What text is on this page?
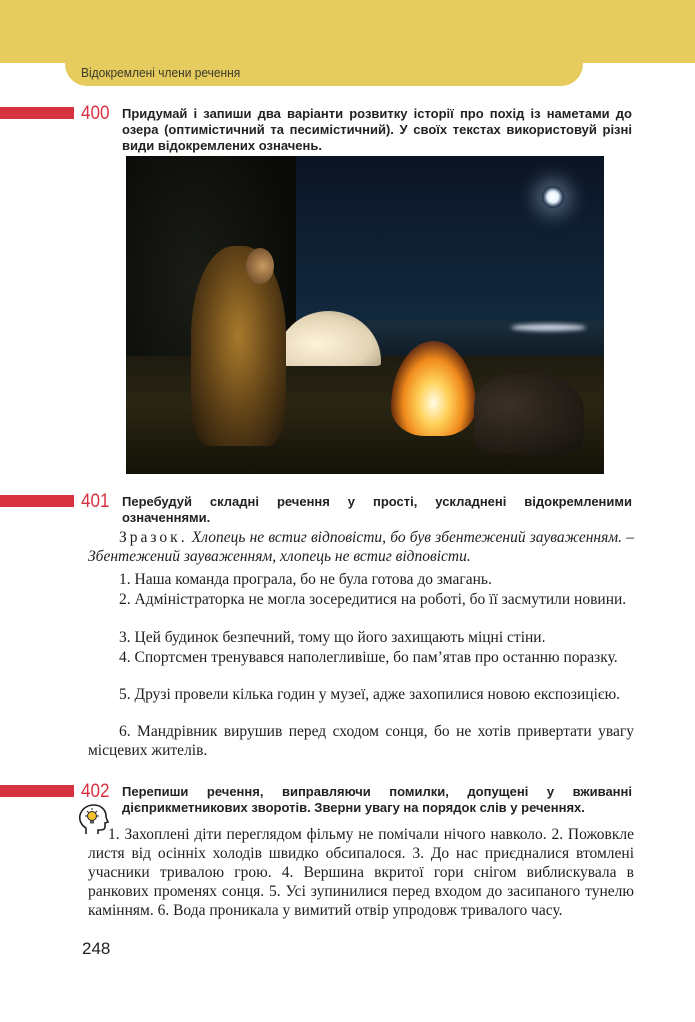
Відокремлені члени речення
400 Придумай і запиши два варіанти розвитку історії про похід із наметами до озера (оптимістичний та песимістичний). У своїх текстах використовуй різні види відокремлених означень.
401 Перебудуй складні речення у прості, ускладнені відокремленими означеннями.
Зразок. Хлопець не встиг відповісти, бо був збентежений зауваженням. – Збентежений зауваженням, хлопець не встиг відповісти.
1. Наша команда програла, бо не була готова до змагань.
2. Адміністраторка не могла зосередитися на роботі, бо її засмутили новини.
3. Цей будинок безпечний, тому що його захищають міцні стіни.
4. Спортсмен тренувався наполегливіше, бо пам’ятав про останню поразку.
5. Друзі провели кілька годин у музеї, адже захопилися новою експозицією.
6. Мандрівник вирушив перед сходом сонця, бо не хотів привертати увагу місцевих жителів.
402 Перепиши речення, виправляючи помилки, допущені у вживанні дієприкметникових зворотів. Зверни увагу на порядок слів у реченнях.
1. Захоплені діти переглядом фільму не помічали нічого навколо. 2. Пожовкле листя від осінніх холодів швидко обсипалося. 3. До нас приєдналися втомлені учасники тривалою грою. 4. Вершина вкритої гори снігом виблискувала в ранкових променях сонця. 5. Усі зупинилися перед входом до засипаного тунелю камінням. 6. Вода проникала у вимитий отвір упродовж тривалого часу.
248
